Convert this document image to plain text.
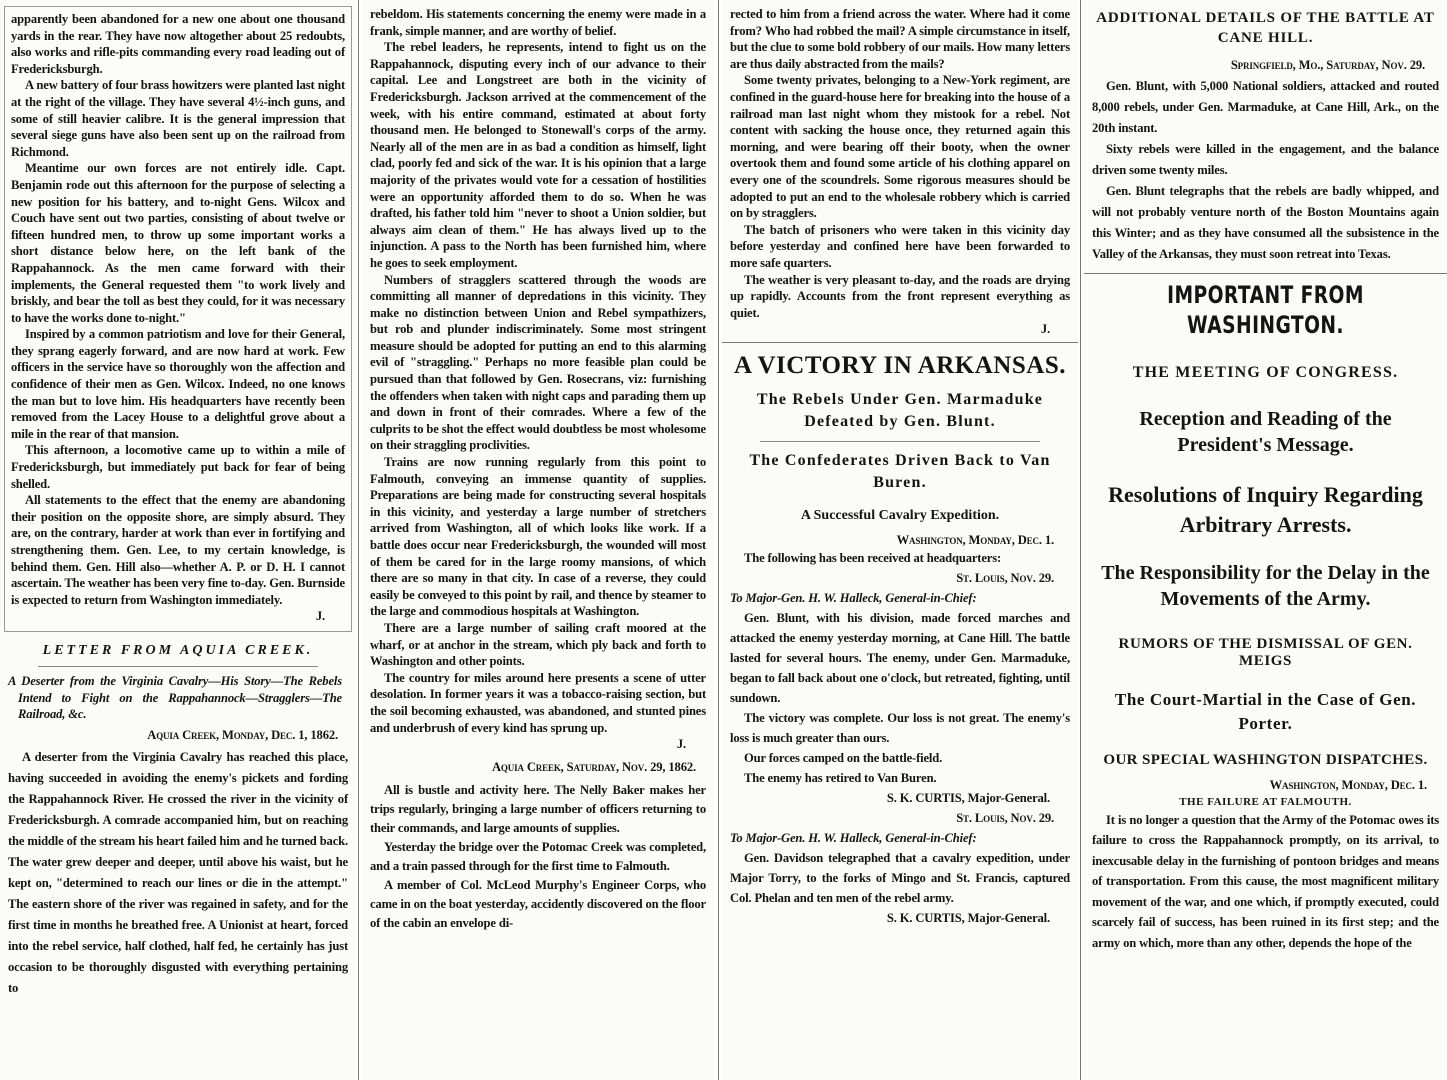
apparently been abandoned for a new one about one thousand yards in the rear. They have now altogether about 25 redoubts, also works and rifle-pits commanding every road leading out of Fredericksburgh.

A new battery of four brass howitzers were planted last night at the right of the village. They have several 4½-inch guns, and some of still heavier calibre. It is the general impression that several siege guns have also been sent up on the railroad from Richmond.

Meantime our own forces are not entirely idle. Capt. Benjamin rode out this afternoon for the purpose of selecting a new position for his battery, and to-night Gens. Wilcox and Couch have sent out two parties, consisting of about twelve or fifteen hundred men, to throw up some important works a short distance below here, on the left bank of the Rappahannock. As the men came forward with their implements, the General requested them "to work lively and briskly, and bear the toll as best they could, for it was necessary to have the works done to-night."

Inspired by a common patriotism and love for their General, they sprang eagerly forward, and are now hard at work. Few officers in the service have so thoroughly won the affection and confidence of their men as Gen. Wilcox. Indeed, no one knows the man but to love him. His headquarters have recently been removed from the Lacey House to a delightful grove about a mile in the rear of that mansion.

This afternoon, a locomotive came up to within a mile of Fredericksburgh, but immediately put back for fear of being shelled.

All statements to the effect that the enemy are abandoning their position on the opposite shore, are simply absurd. They are, on the contrary, harder at work than ever in fortifying and strengthening them. Gen. Lee, to my certain knowledge, is behind them. Gen. Hill also—whether A. P. or D. H. I cannot ascertain. The weather has been very fine to-day. Gen. Burnside is expected to return from Washington immediately.

J.

LETTER FROM AQUIA CREEK.

A Deserter from the Virginia Cavalry—His Story—The Rebels Intend to Fight on the Rappahannock—Stragglers—The Railroad, &c.

Aquia Creek, Monday, Dec. 1, 1862.

A deserter from the Virginia Cavalry has reached this place, having succeeded in avoiding the enemy's pickets and fording the Rappahannock River. He crossed the river in the vicinity of Fredericksburgh. A comrade accompanied him, but on reaching the middle of the stream his heart failed him and he turned back. The water grew deeper and deeper, until above his waist, but he kept on, "determined to reach our lines or die in the attempt." The eastern shore of the river was regained in safety, and for the first time in months he breathed free. A Unionist at heart, forced into the rebel service, half clothed, half fed, he certainly has just occasion to be thoroughly disgusted with everything pertaining to

rebeldom. His statements concerning the enemy were made in a frank, simple manner, and are worthy of belief.

The rebel leaders, he represents, intend to fight us on the Rappahannock, disputing every inch of our advance to their capital. Lee and Longstreet are both in the vicinity of Fredericksburgh. Jackson arrived at the commencement of the week, with his entire command, estimated at about forty thousand men. He belonged to Stonewall's corps of the army. Nearly all of the men are in as bad a condition as himself, light clad, poorly fed and sick of the war. It is his opinion that a large majority of the privates would vote for a cessation of hostilities were an opportunity afforded them to do so. When he was drafted, his father told him "never to shoot a Union soldier, but always aim clean of them." He has always lived up to the injunction. A pass to the North has been furnished him, where he goes to seek employment.

Numbers of stragglers scattered through the woods are committing all manner of depredations in this vicinity. They make no distinction between Union and Rebel sympathizers, but rob and plunder indiscriminately. Some most stringent measure should be adopted for putting an end to this alarming evil of "straggling." Perhaps no more feasible plan could be pursued than that followed by Gen. Rosecrans, viz: furnishing the offenders when taken with night caps and parading them up and down in front of their comrades. Where a few of the culprits to be shot the effect would doubtless be most wholesome on their straggling proclivities.

Trains are now running regularly from this point to Falmouth, conveying an immense quantity of supplies. Preparations are being made for constructing several hospitals in this vicinity, and yesterday a large number of stretchers arrived from Washington, all of which looks like work. If a battle does occur near Fredericksburgh, the wounded will most of them be cared for in the large roomy mansions, of which there are so many in that city. In case of a reverse, they could easily be conveyed to this point by rail, and thence by steamer to the large and commodious hospitals at Washington.

There are a large number of sailing craft moored at the wharf, or at anchor in the stream, which ply back and forth to Washington and other points.

The country for miles around here presents a scene of utter desolation. In former years it was a tobacco-raising section, but the soil becoming exhausted, was abandoned, and stunted pines and underbrush of every kind has sprung up.

J.

Aquia Creek, Saturday, Nov. 29, 1862.

All is bustle and activity here. The Nelly Baker makes her trips regularly, bringing a large number of officers returning to their commands, and large amounts of supplies.

Yesterday the bridge over the Potomac Creek was completed, and a train passed through for the first time to Falmouth.

A member of Col. McLeod Murphy's Engineer Corps, who came in on the boat yesterday, accidently discovered on the floor of the cabin an envelope di-

rected to him from a friend across the water. Where had it come from? Who had robbed the mail? A simple circumstance in itself, but the clue to some bold robbery of our mails. How many letters are thus daily abstracted from the mails?

Some twenty privates, belonging to a New-York regiment, are confined in the guard-house here for breaking into the house of a railroad man last night whom they mistook for a rebel. Not content with sacking the house once, they returned again this morning, and were bearing off their booty, when the owner overtook them and found some article of his clothing apparel on every one of the scoundrels. Some rigorous measures should be adopted to put an end to the wholesale robbery which is carried on by stragglers.

The batch of prisoners who were taken in this vicinity day before yesterday and confined here have been forwarded to more safe quarters.

The weather is very pleasant to-day, and the roads are drying up rapidly. Accounts from the front represent everything as quiet.

J.

A VICTORY IN ARKANSAS.
The Rebels Under Gen. Marmaduke Defeated by Gen. Blunt.
The Confederates Driven Back to Van Buren.
A Successful Cavalry Expedition.

Washington, Monday, Dec. 1.

The following has been received at headquarters:

St. Louis, Nov. 29.

To Major-Gen. H. W. Halleck, General-in-Chief:

Gen. Blunt, with his division, made forced marches and attacked the enemy yesterday morning, at Cane Hill. The battle lasted for several hours. The enemy, under Gen. Marmaduke, began to fall back about one o'clock, but retreated, fighting, until sundown.

The victory was complete. Our loss is not great. The enemy's loss is much greater than ours.

Our forces camped on the battle-field.

The enemy has retired to Van Buren.

S. K. CURTIS, Major-General.

St. Louis, Nov. 29.

To Major-Gen. H. W. Halleck, General-in-Chief:

Gen. Davidson telegraphed that a cavalry expedition, under Major Torry, to the forks of Mingo and St. Francis, captured Col. Phelan and ten men of the rebel army.

S. K. CURTIS, Major-General.

ADDITIONAL DETAILS OF THE BATTLE AT CANE HILL.

Springfield, Mo., Saturday, Nov. 29.

Gen. Blunt, with 5,000 National soldiers, attacked and routed 8,000 rebels, under Gen. Marmaduke, at Cane Hill, Ark., on the 20th instant.

Sixty rebels were killed in the engagement, and the balance driven some twenty miles.

Gen. Blunt telegraphs that the rebels are badly whipped, and will not probably venture north of the Boston Mountains again this Winter; and as they have consumed all the subsistence in the Valley of the Arkansas, they must soon retreat into Texas.

IMPORTANT FROM WASHINGTON.
THE MEETING OF CONGRESS.
Reception and Reading of the President's Message.
Resolutions of Inquiry Regarding Arbitrary Arrests.
The Responsibility for the Delay in the Movements of the Army.
RUMORS OF THE DISMISSAL OF GEN. MEIGS
The Court-Martial in the Case of Gen. Porter.
OUR SPECIAL WASHINGTON DISPATCHES.

Washington, Monday, Dec. 1.

THE FAILURE AT FALMOUTH.

It is no longer a question that the Army of the Potomac owes its failure to cross the Rappahannock promptly, on its arrival, to inexcusable delay in the furnishing of pontoon bridges and means of transportation. From this cause, the most magnificent military movement of the war, and one which, if promptly executed, could scarcely fail of success, has been ruined in its first step; and the army on which, more than any other, depends the hope of the
